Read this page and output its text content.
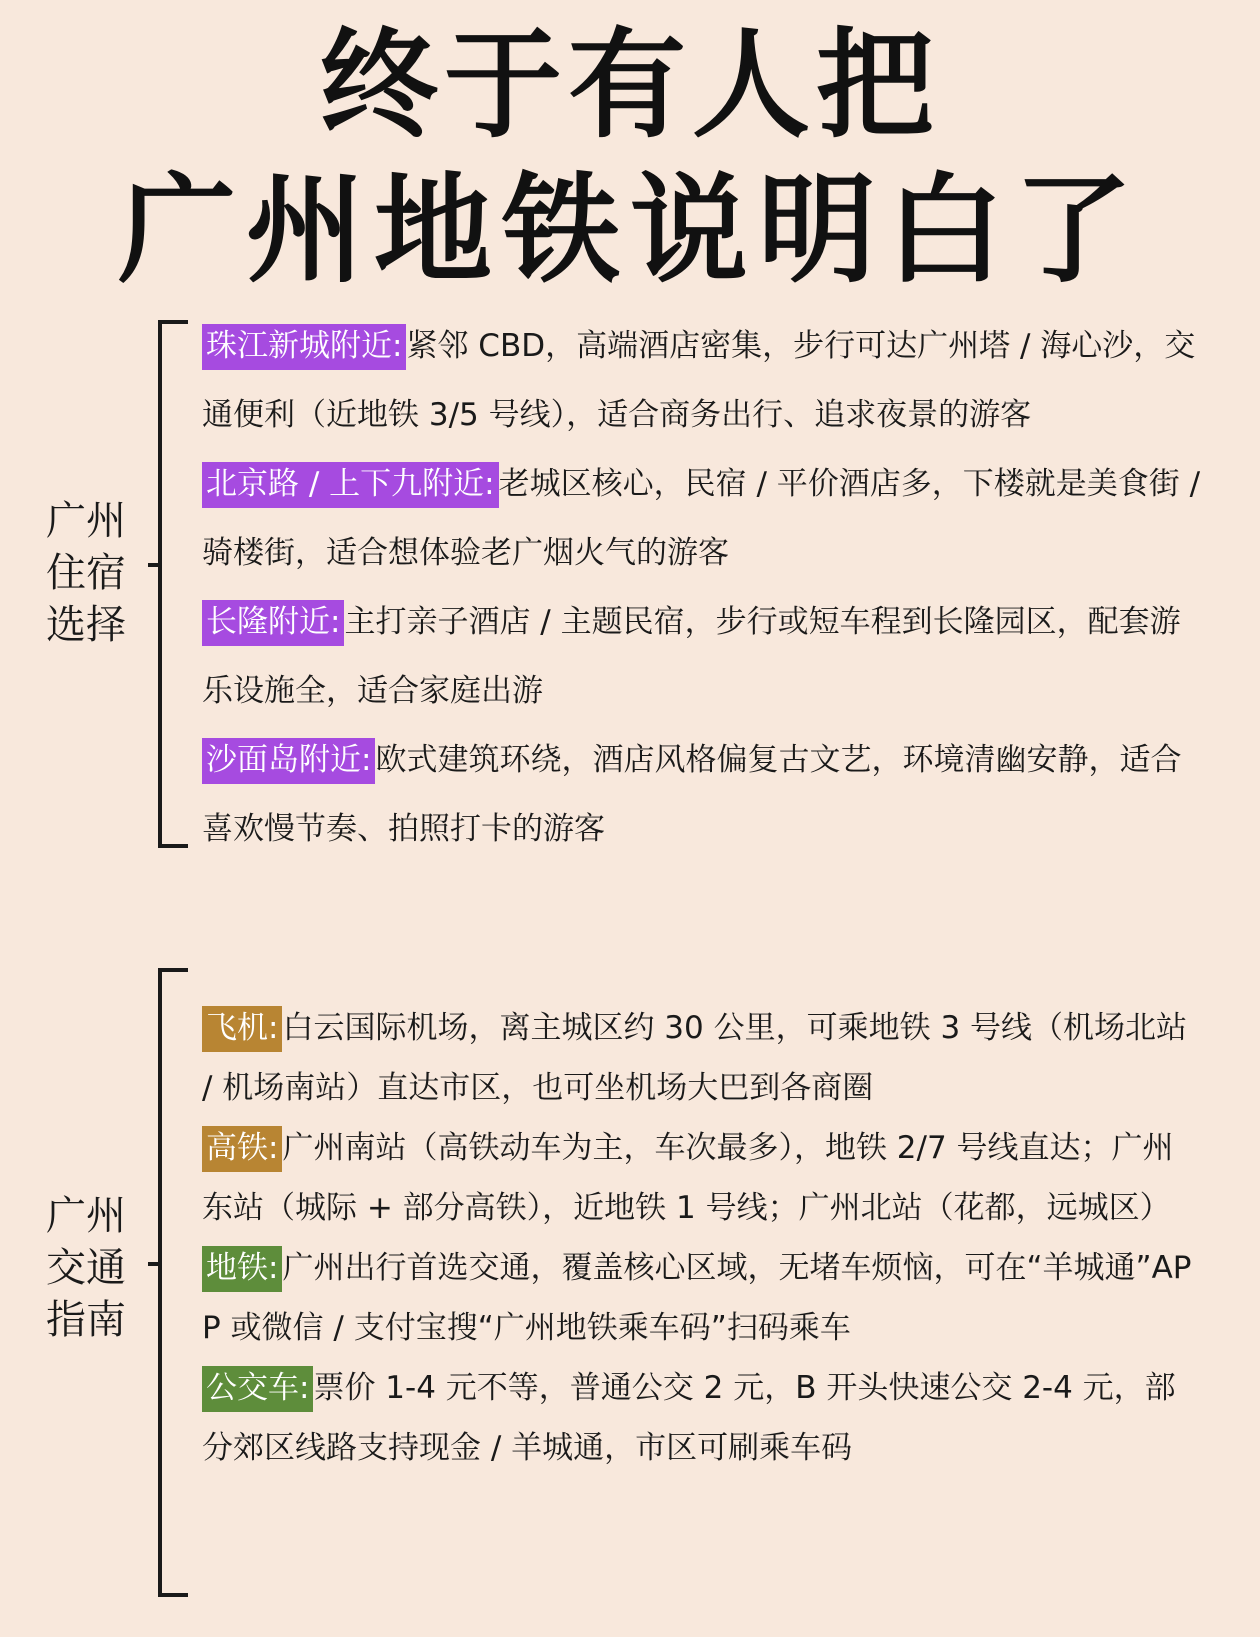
终于有人把
广州地铁说明白了
广州
住宿
选择
珠江新城附近: 紧邻 CBD，高端酒店密集，步行可达广州塔 / 海心沙，交通便利（近地铁 3/5 号线），适合商务出行、追求夜景的游客
北京路 / 上下九附近: 老城区核心，民宿 / 平价酒店多，下楼就是美食街 / 骑楼街，适合想体验老广烟火气的游客
长隆附近: 主打亲子酒店 / 主题民宿，步行或短车程到长隆园区，配套游乐设施全，适合家庭出游
沙面岛附近: 欧式建筑环绕，酒店风格偏复古文艺，环境清幽安静，适合喜欢慢节奏、拍照打卡的游客
广州
交通
指南
飞机: 白云国际机场，离主城区约 30 公里，可乘地铁 3 号线（机场北站 / 机场南站）直达市区，也可坐机场大巴到各商圈
高铁: 广州南站（高铁动车为主，车次最多），地铁 2/7 号线直达；广州东站（城际 + 部分高铁），近地铁 1 号线；广州北站（花都，远城区）
地铁: 广州出行首选交通，覆盖核心区域，无堵车烦恼，可在“羊城通”APP 或微信 / 支付宝搜“广州地铁乘车码”扫码乘车
公交车: 票价 1-4 元不等，普通公交 2 元，B 开头快速公交 2-4 元，部分郊区线路支持现金 / 羊城通，市区可刷乘车码
